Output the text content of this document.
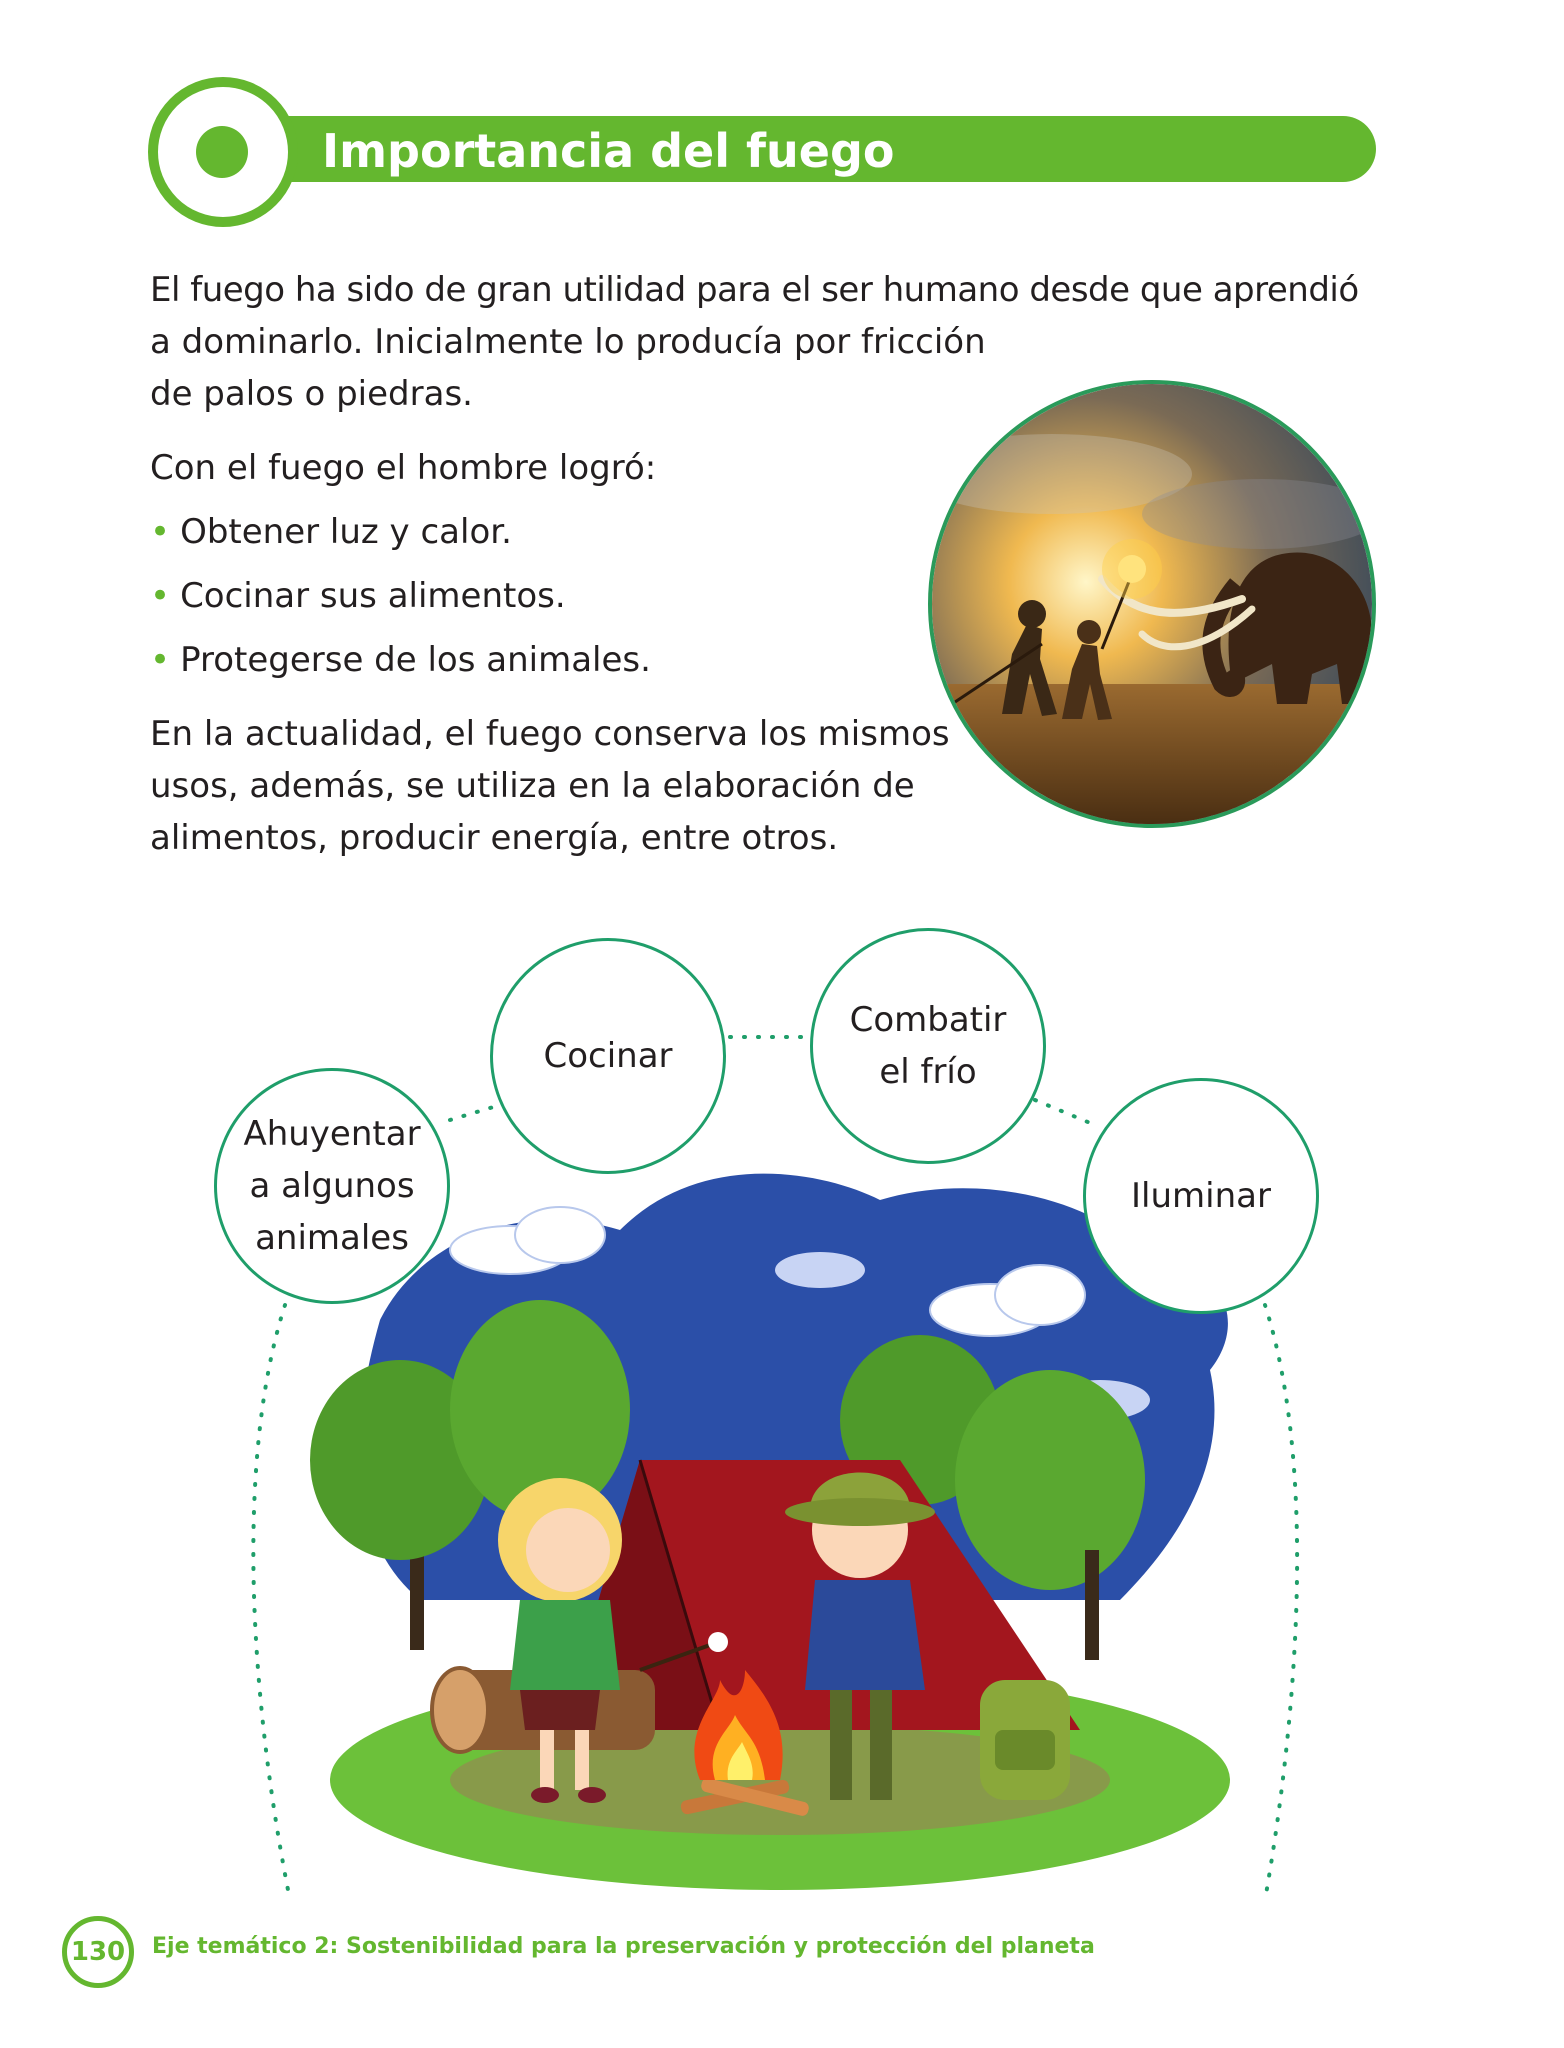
Importancia del fuego

El fuego ha sido de gran utilidad para el ser humano desde que aprendió

a dominarlo. Inicialmente lo producía por fricción

de palos o piedras.

Con el fuego el hombre logró:
• Obtener luz y calor.
• Cocinar sus alimentos.
• Protegerse de los animales.

En la actualidad, el fuego conserva los mismos

usos, además, se utiliza en la elaboración de

alimentos, producir energía, entre otros.

Ahuyentar
a algunos
animales
Cocinar
Combatir
el frío
Iluminar
130	Eje temático 2: Sostenibilidad para la preservación y protección del planeta
